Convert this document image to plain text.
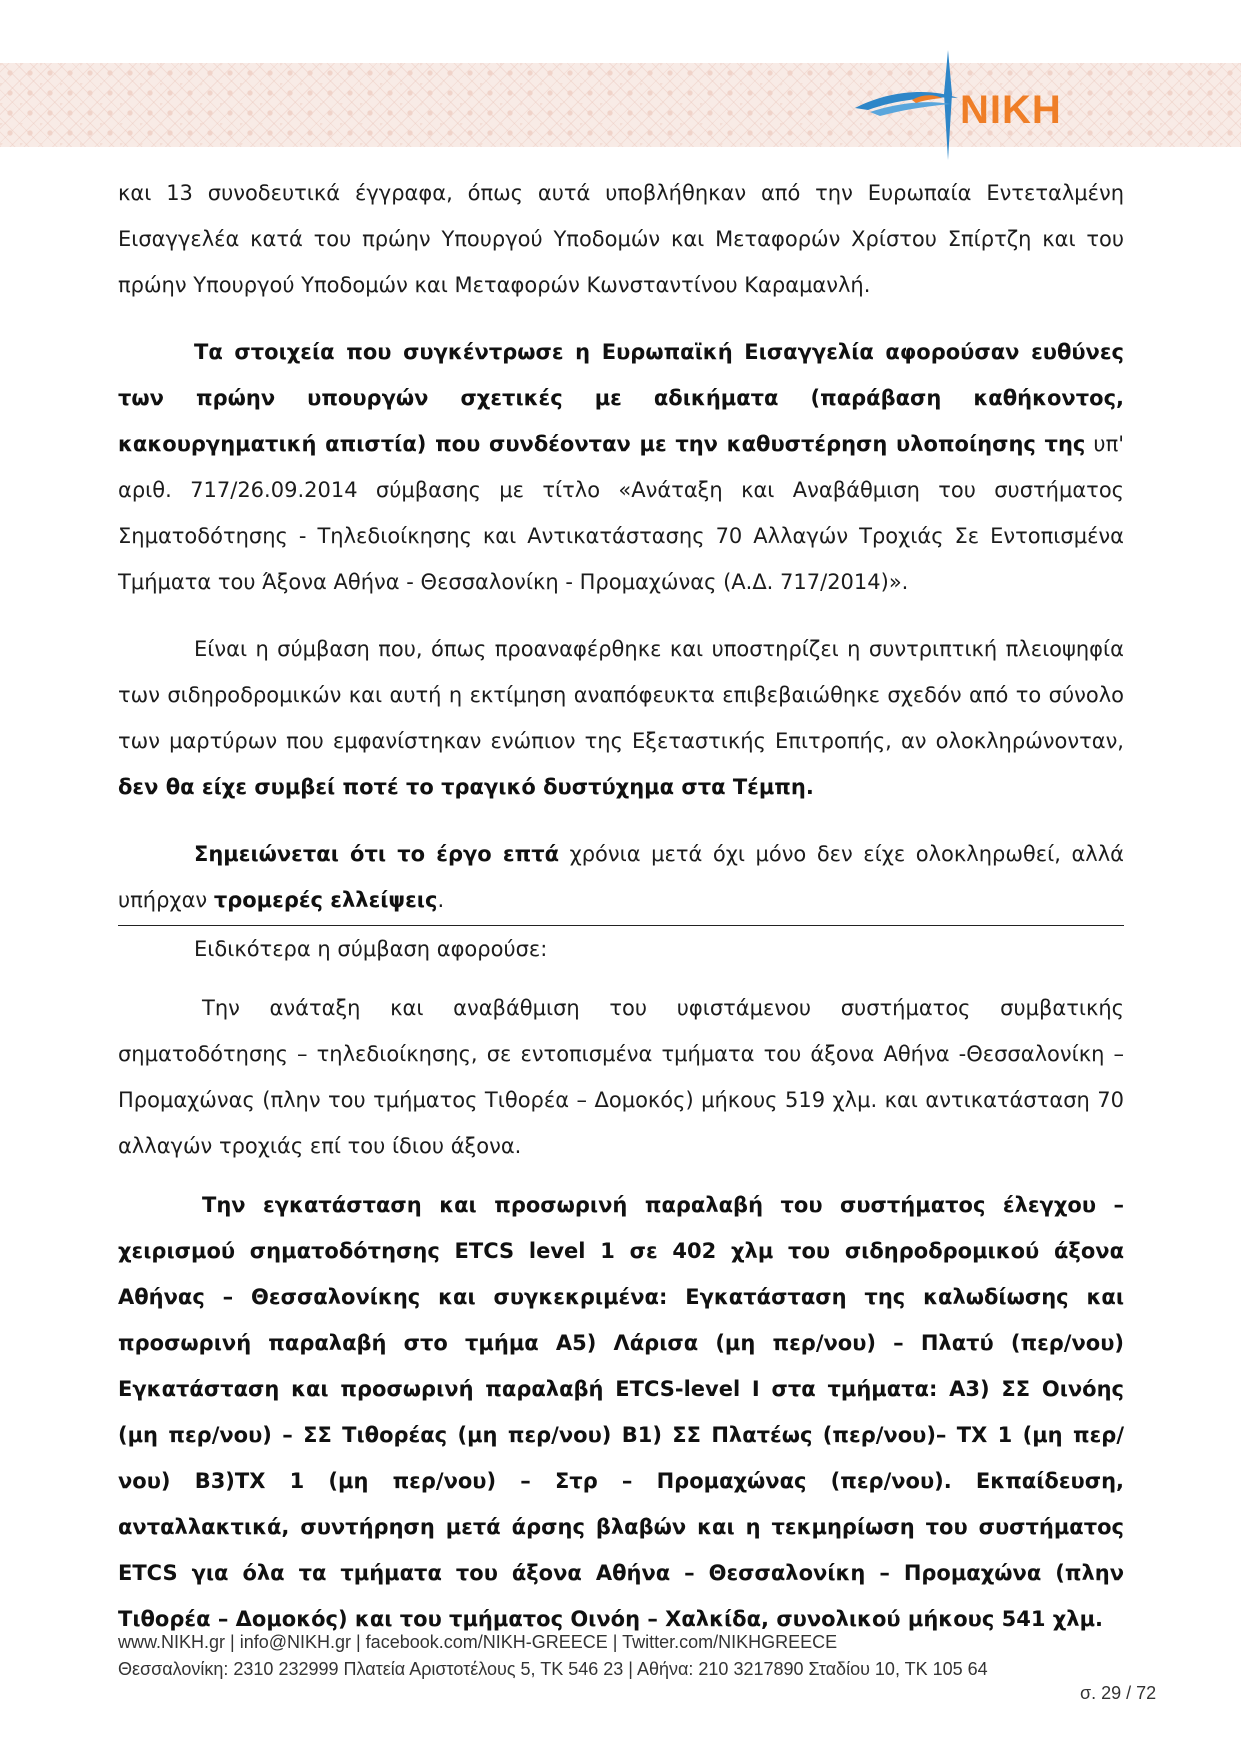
NIKH

και 13 συνοδευτικά έγγραφα, όπως αυτά υποβλήθηκαν από την Ευρωπαία Εντεταλμένη Εισαγγελέα κατά του πρώην Υπουργού Υποδομών και Μεταφορών Χρίστου Σπίρτζη και του πρώην Υπουργού Υποδομών και Μεταφορών Κωνσταντίνου Καραμανλή.

Τα στοιχεία που συγκέντρωσε η Ευρωπαϊκή Εισαγγελία αφορούσαν ευθύνες των πρώην υπουργών σχετικές με αδικήματα (παράβαση καθήκοντος, κακουργηματική απιστία) που συνδέονταν με την καθυστέρηση υλοποίησης της υπ' αριθ. 717/26.09.2014 σύμβασης με τίτλο «Ανάταξη και Αναβάθμιση του συστήματος Σηματοδότησης - Τηλεδιοίκησης και Αντικατάστασης 70 Αλλαγών Τροχιάς Σε Εντοπισμένα Τμήματα του Άξονα Αθήνα - Θεσσαλονίκη - Προμαχώνας (Α.Δ. 717/2014)».

Είναι η σύμβαση που, όπως προαναφέρθηκε και υποστηρίζει η συντριπτική πλειοψηφία των σιδηροδρομικών και αυτή η εκτίμηση αναπόφευκτα επιβεβαιώθηκε σχεδόν από το σύνολο των μαρτύρων που εμφανίστηκαν ενώπιον της Εξεταστικής Επιτροπής, αν ολοκληρώνονταν, δεν θα είχε συμβεί ποτέ το τραγικό δυστύχημα στα Τέμπη.

Σημειώνεται ότι το έργο επτά χρόνια μετά όχι μόνο δεν είχε ολοκληρωθεί, αλλά υπήρχαν τρομερές ελλείψεις.

Ειδικότερα η σύμβαση αφορούσε:

Την ανάταξη και αναβάθμιση του υφιστάμενου συστήματος συμβατικής σηματοδότησης – τηλεδιοίκησης, σε εντοπισμένα τμήματα του άξονα Αθήνα -Θεσσαλονίκη – Προμαχώνας (πλην του τμήματος Τιθορέα – Δομοκός) μήκους 519 χλμ. και αντικατάσταση 70 αλλαγών τροχιάς επί του ίδιου άξονα.

Την εγκατάσταση και προσωρινή παραλαβή του συστήματος έλεγχου – χειρισμού σηματοδότησης ETCS level 1 σε 402 χλμ του σιδηροδρομικού άξονα Αθήνας – Θεσσαλονίκης και συγκεκριμένα: Εγκατάσταση της καλωδίωσης και προσωρινή παραλαβή στο τμήμα Α5) Λάρισα (μη περ/νου) – Πλατύ (περ/νου) Εγκατάσταση και προσωρινή παραλαβή ETCS-level I στα τμήματα: Α3) ΣΣ Οινόης (μη περ/νου) – ΣΣ Τιθορέας (μη περ/νου) Β1) ΣΣ Πλατέως (περ/νου)– ΤΧ 1 (μη περ/νου) Β3)ΤΧ 1 (μη περ/νου) – Στρ – Προμαχώνας (περ/νου). Εκπαίδευση, ανταλλακτικά, συντήρηση μετά άρσης βλαβών και η τεκμηρίωση του συστήματος ETCS για όλα τα τμήματα του άξονα Αθήνα – Θεσσαλονίκη – Προμαχώνα (πλην Τιθορέα – Δομοκός) και του τμήματος Οινόη – Χαλκίδα, συνολικού μήκους 541 χλμ.

www.NIKH.gr | info@NIKH.gr | facebook.com/NIKH-GREECE | Twitter.com/NIKHGREECE
Θεσσαλονίκη: 2310 232999 Πλατεία Αριστοτέλους 5, ΤΚ 546 23 | Αθήνα: 210 3217890 Σταδίου 10, ΤΚ 105 64
σ. 29 / 72
